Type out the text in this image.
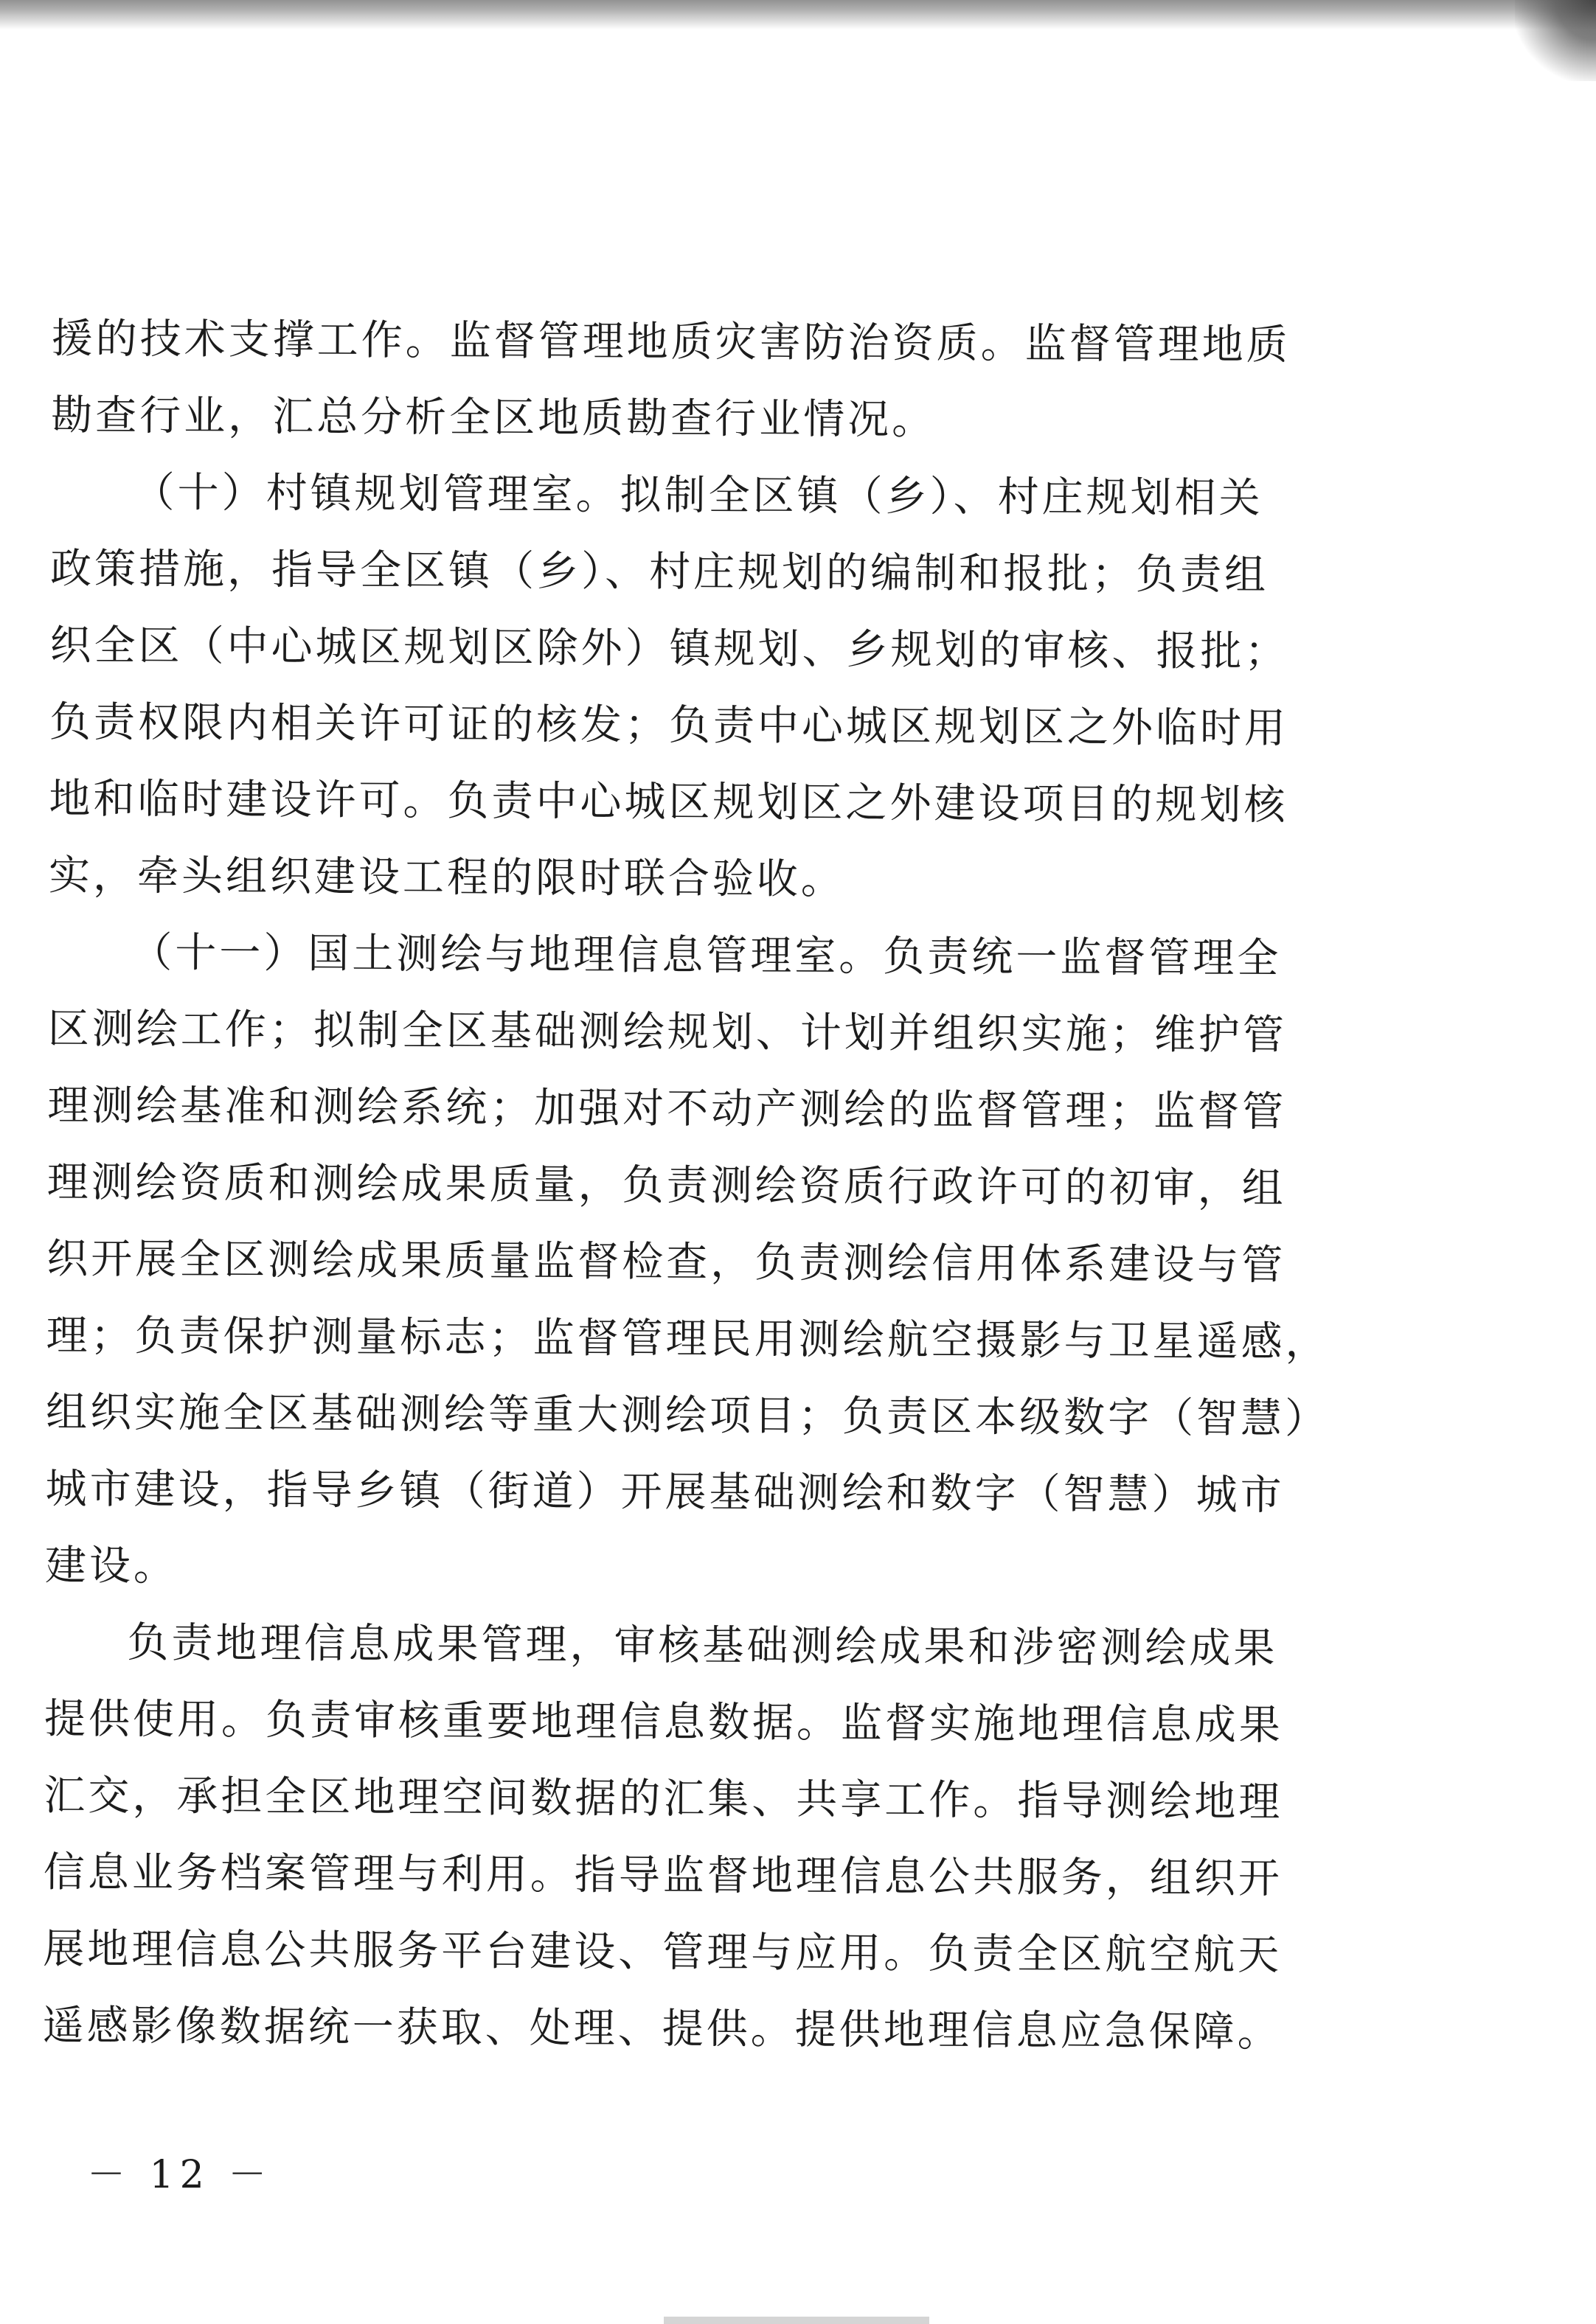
援的技术支撑工作。监督管理地质灾害防治资质。监督管理地质
勘查行业，汇总分析全区地质勘查行业情况。
（十）村镇规划管理室。拟制全区镇（乡）、村庄规划相关
政策措施，指导全区镇（乡）、村庄规划的编制和报批；负责组
织全区（中心城区规划区除外）镇规划、乡规划的审核、报批；
负责权限内相关许可证的核发；负责中心城区规划区之外临时用
地和临时建设许可。负责中心城区规划区之外建设项目的规划核
实，牵头组织建设工程的限时联合验收。
（十一）国土测绘与地理信息管理室。负责统一监督管理全
区测绘工作；拟制全区基础测绘规划、计划并组织实施；维护管
理测绘基准和测绘系统；加强对不动产测绘的监督管理；监督管
理测绘资质和测绘成果质量，负责测绘资质行政许可的初审，组
织开展全区测绘成果质量监督检查，负责测绘信用体系建设与管
理；负责保护测量标志；监督管理民用测绘航空摄影与卫星遥感，
组织实施全区基础测绘等重大测绘项目；负责区本级数字（智慧）
城市建设，指导乡镇（街道）开展基础测绘和数字（智慧）城市
建设。
负责地理信息成果管理，审核基础测绘成果和涉密测绘成果
提供使用。负责审核重要地理信息数据。监督实施地理信息成果
汇交，承担全区地理空间数据的汇集、共享工作。指导测绘地理
信息业务档案管理与利用。指导监督地理信息公共服务，组织开
展地理信息公共服务平台建设、管理与应用。负责全区航空航天
遥感影像数据统一获取、处理、提供。提供地理信息应急保障。
－ 12 －
